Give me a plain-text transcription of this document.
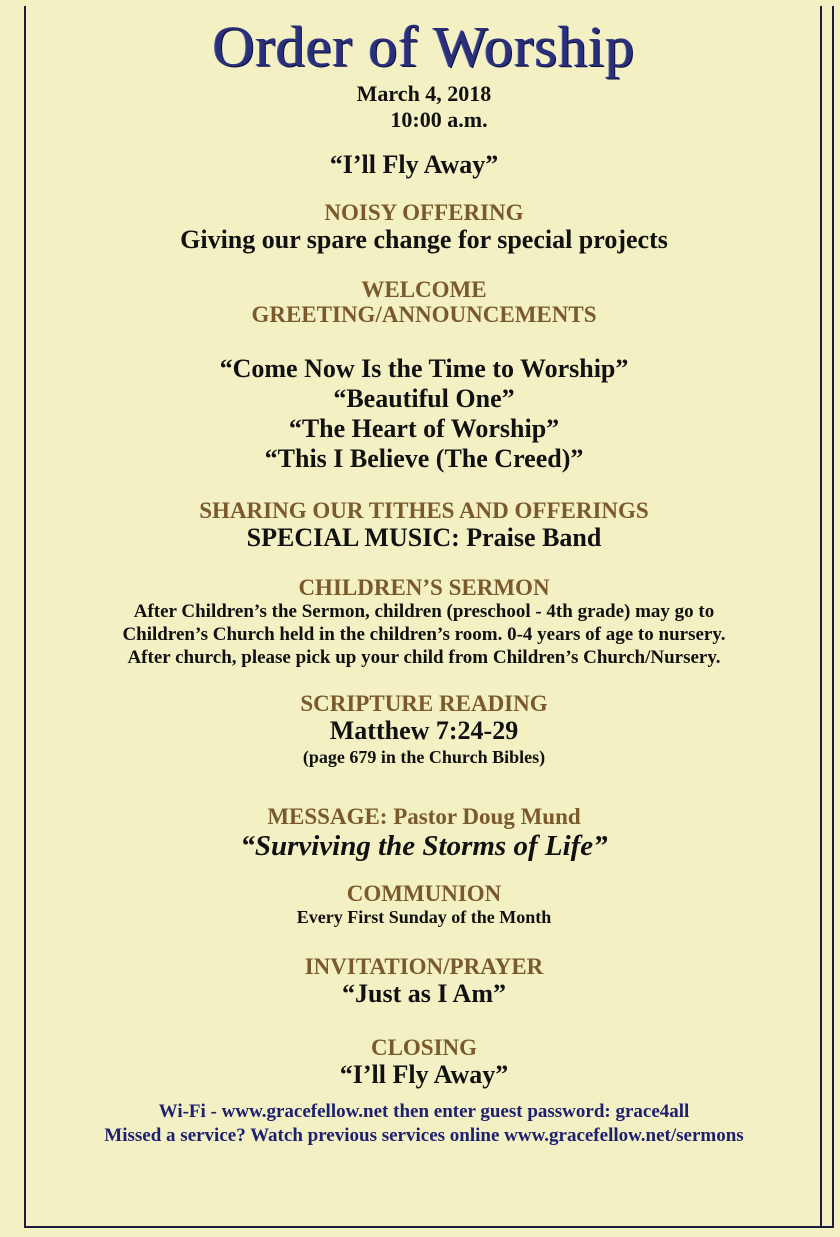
Order of Worship
March 4, 2018
10:00 a.m.
“I’ll Fly Away”
NOISY OFFERING
Giving our spare change for special projects
WELCOME
GREETING/ANNOUNCEMENTS
“Come Now Is the Time to Worship”
“Beautiful One”
“The Heart of Worship”
“This I Believe (The Creed)”
SHARING OUR TITHES AND OFFERINGS
SPECIAL MUSIC: Praise Band
CHILDREN’S SERMON
After Children’s the Sermon, children (preschool - 4th grade) may go to
Children’s Church held in the children’s room. 0-4 years of age to nursery.
After church, please pick up your child from Children’s Church/Nursery.
SCRIPTURE READING
Matthew 7:24-29
(page 679 in the Church Bibles)
MESSAGE: Pastor Doug Mund
“Surviving the Storms of Life”
COMMUNION
Every First Sunday of the Month
INVITATION/PRAYER
“Just as I Am”
CLOSING
“I’ll Fly Away”
Wi-Fi - www.gracefellow.net then enter guest password: grace4all
Missed a service? Watch previous services online www.gracefellow.net/sermons
